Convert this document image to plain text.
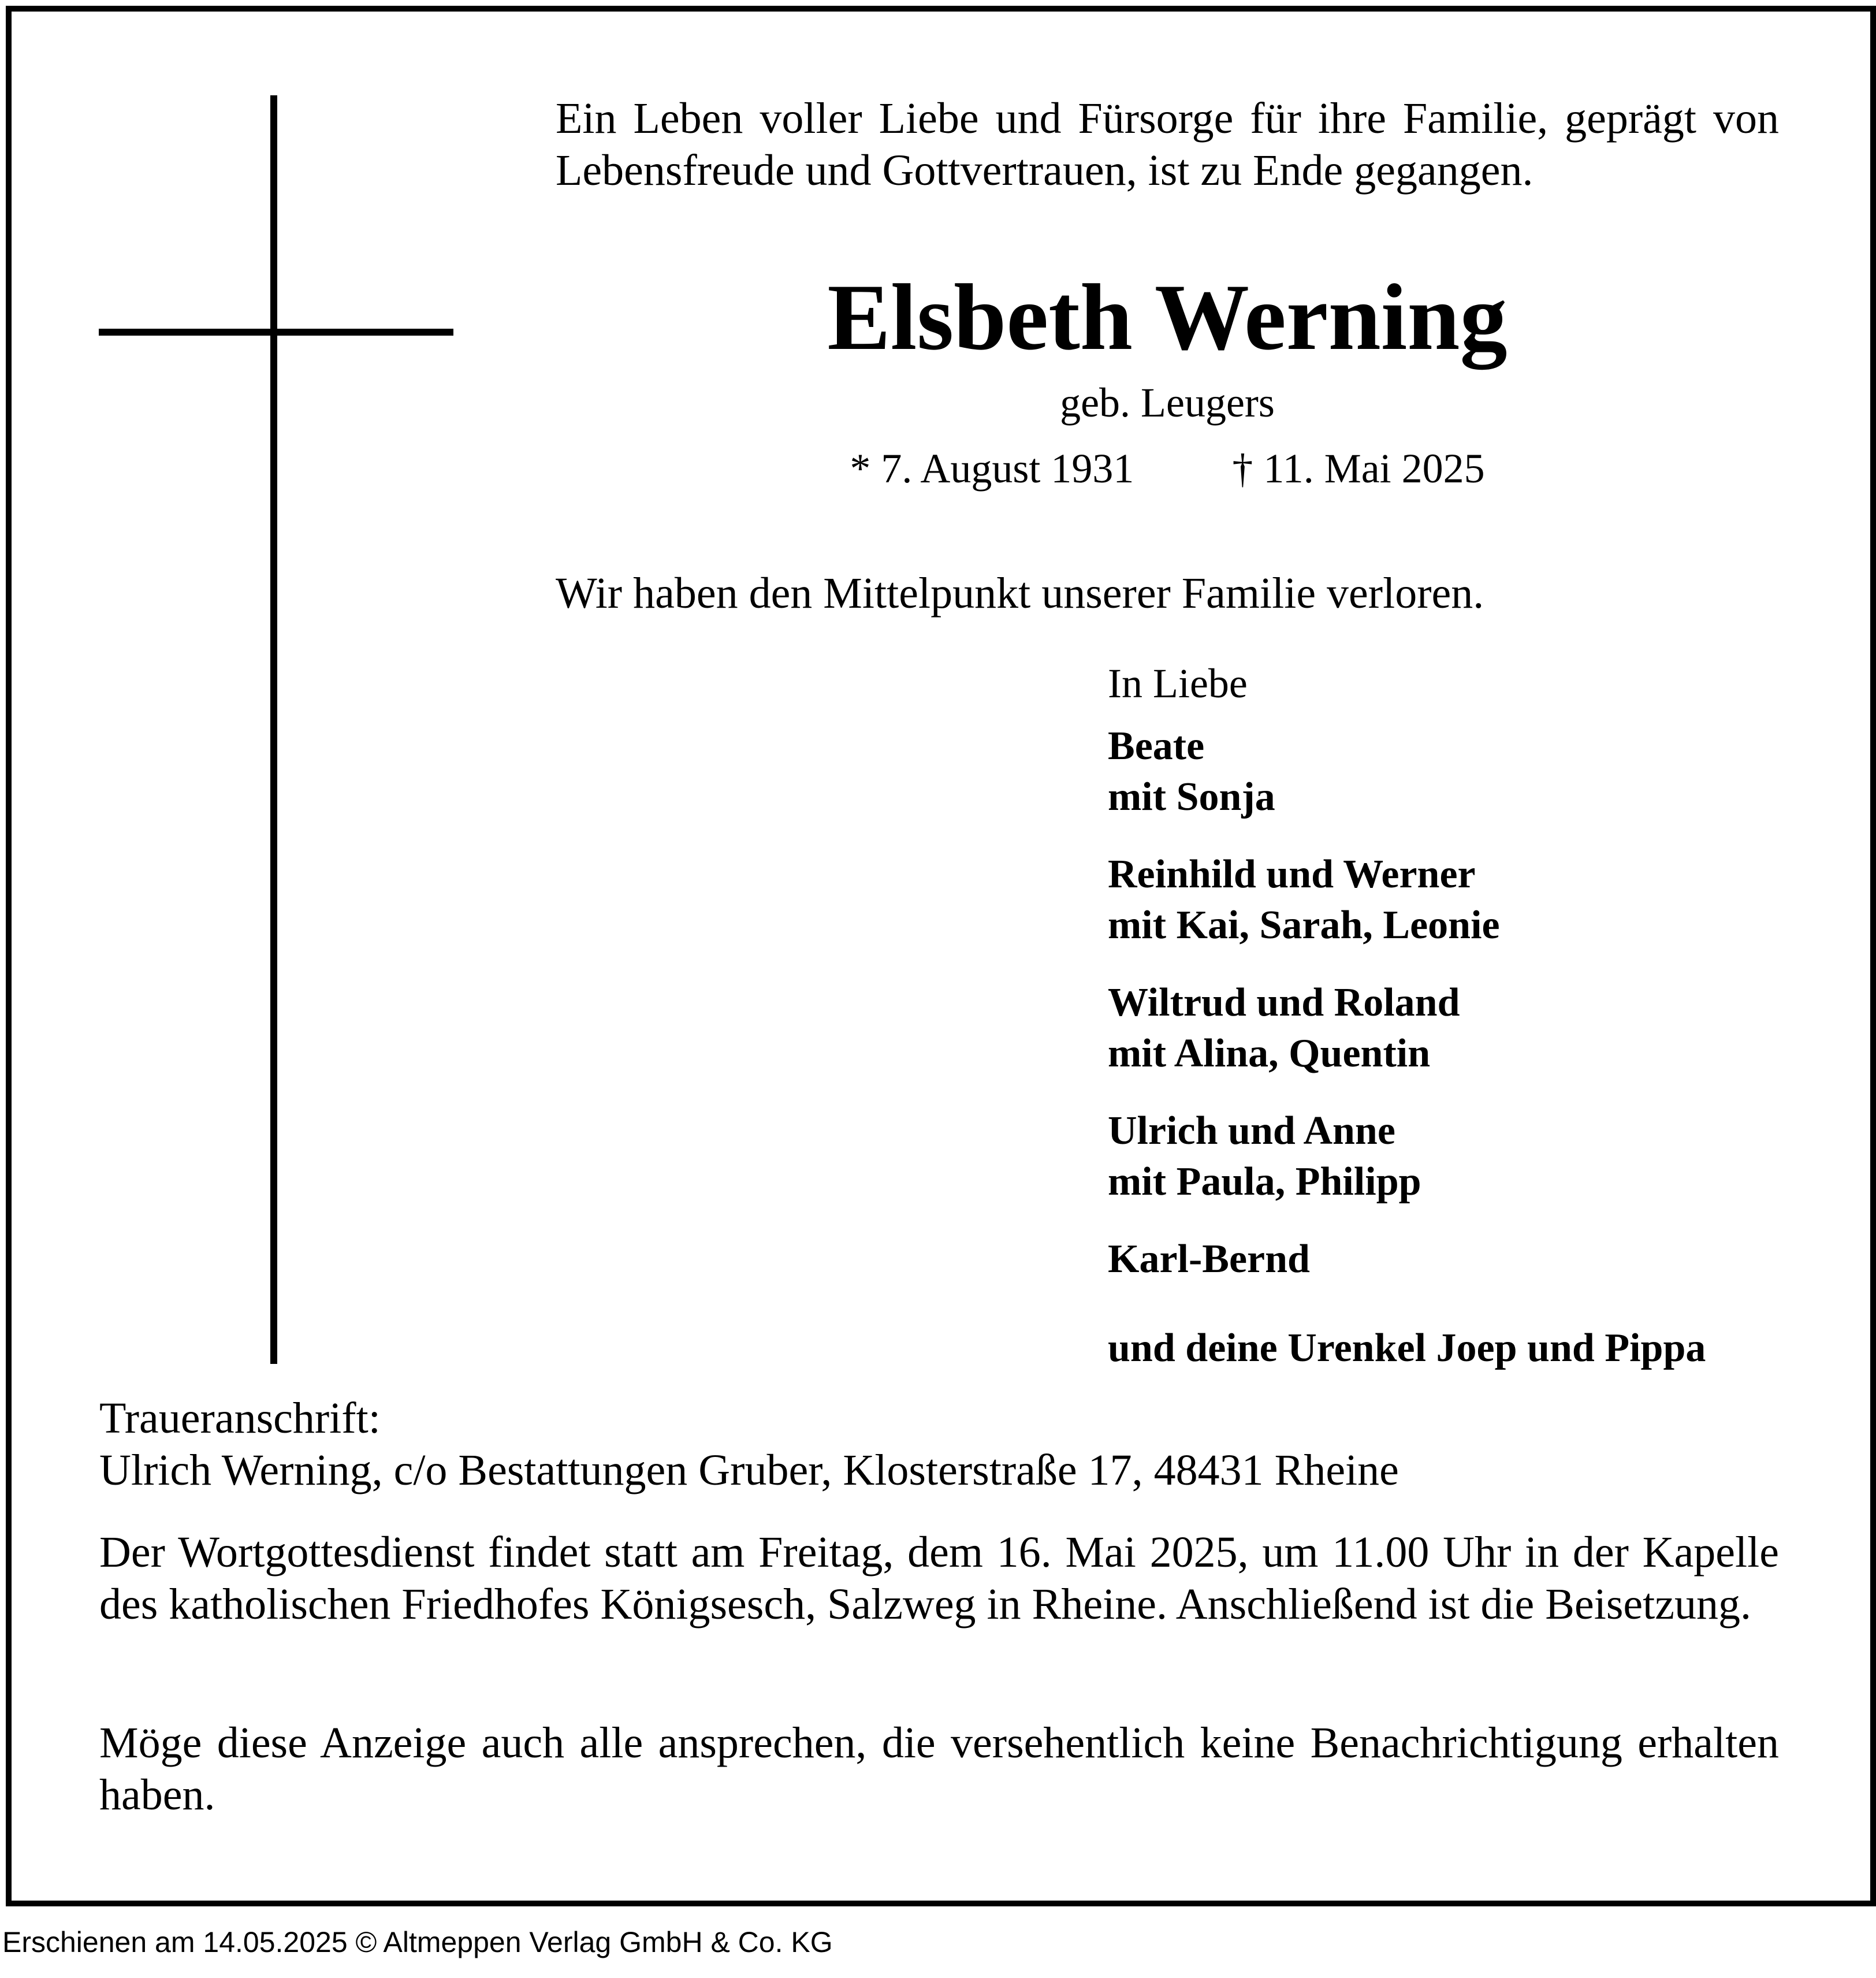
Ein Leben voller Liebe und Fürsorge für ihre Familie, geprägt von
Lebensfreude und Gottvertrauen, ist zu Ende gegangen.

Elsbeth Werning
geb. Leugers
* 7. August 1931 † 11. Mai 2025
Wir haben den Mittelpunkt unserer Familie verloren.
In Liebe
Beate
mit Sonja
Reinhild und Werner
mit Kai, Sarah, Leonie
Wiltrud und Roland
mit Alina, Quentin
Ulrich und Anne
mit Paula, Philipp
Karl-Bernd
und deine Urenkel Joep und Pippa
Traueranschrift:
Ulrich Werning, c/o Bestattungen Gruber, Klosterstraße 17, 48431 Rheine

Der Wortgottesdienst findet statt am Freitag, dem 16. Mai 2025, um 11.00 Uhr in der Kapelle des katholischen Friedhofes Königsesch, Salzweg in Rheine. Anschließend ist die Beisetzung.

Möge diese Anzeige auch alle ansprechen, die versehentlich keine Benachrichtigung erhalten haben.

Erschienen am 14.05.2025 © Altmeppen Verlag GmbH & Co. KG
